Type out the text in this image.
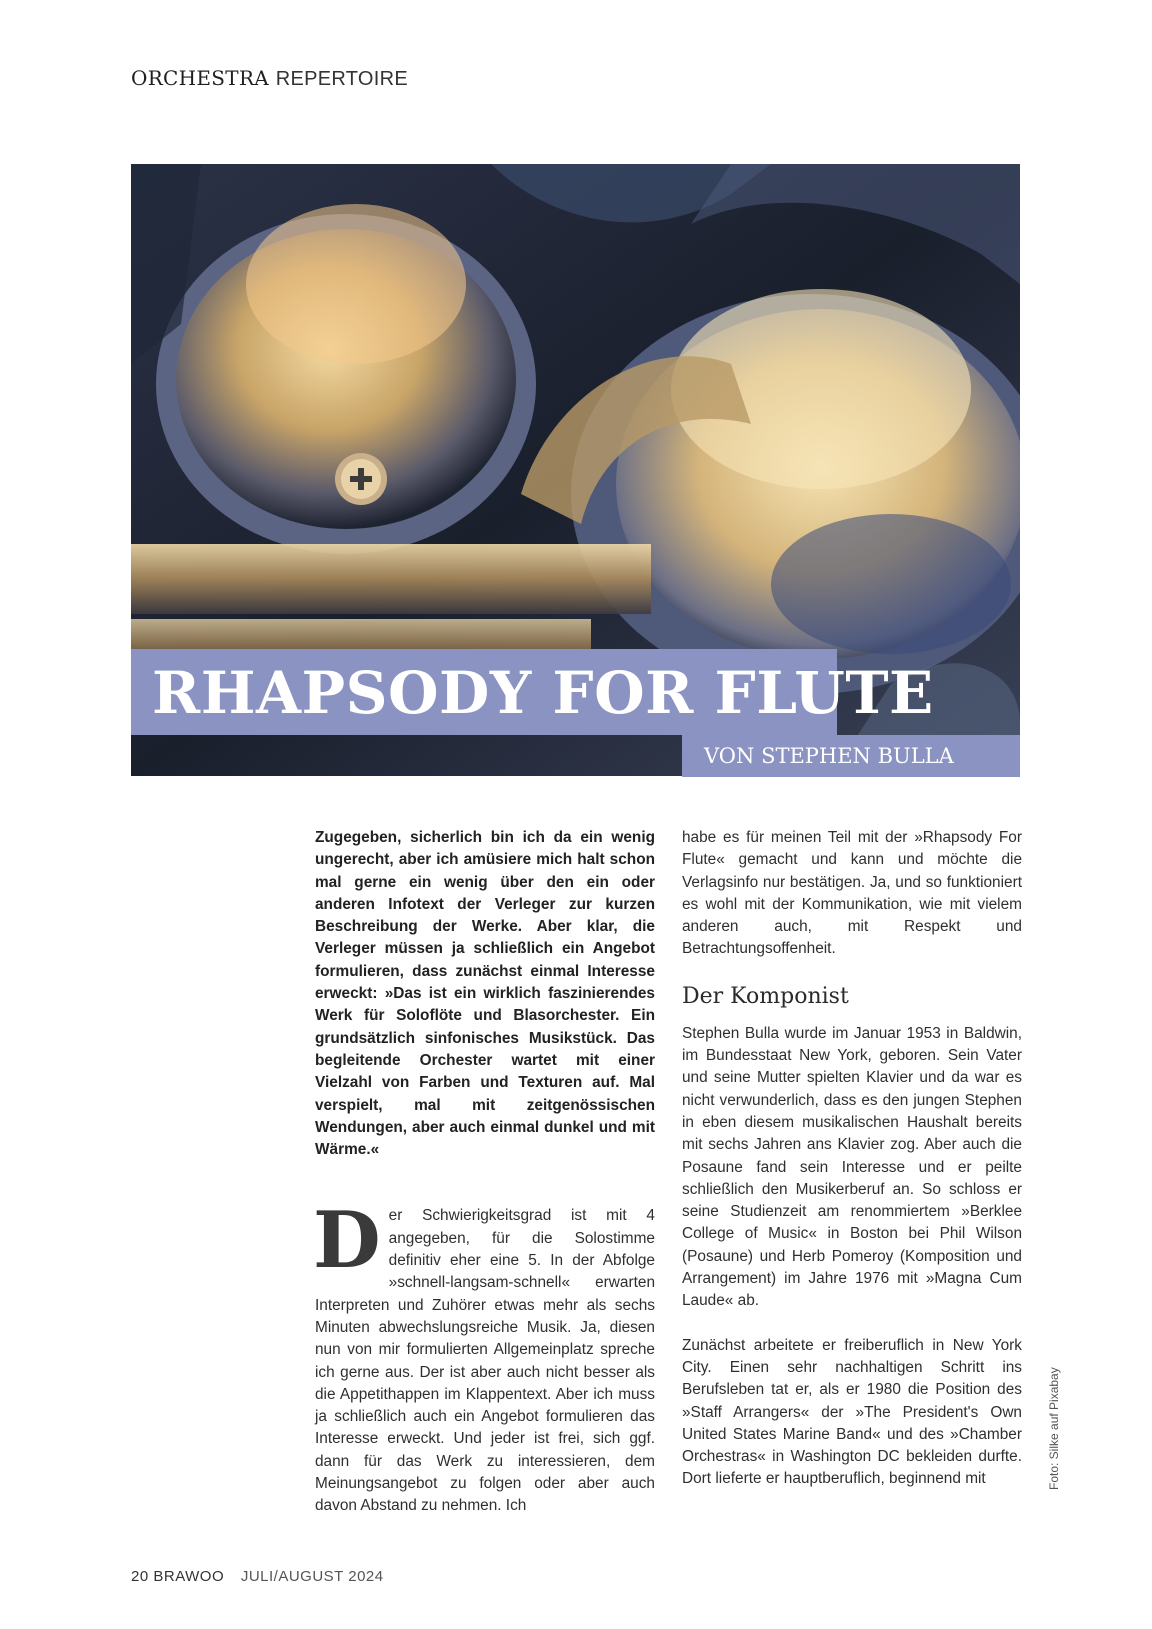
ORCHESTRA REPERTOIRE
RHAPSODY FOR FLUTE
VON STEPHEN BULLA

Zugegeben, sicherlich bin ich da ein wenig ungerecht, aber ich amüsiere mich halt schon mal gerne ein wenig über den ein oder anderen Infotext der Verleger zur kurzen Beschreibung der Werke. Aber klar, die Verleger müssen ja schließlich ein Angebot formulieren, dass zunächst einmal Interesse erweckt: »Das ist ein wirklich faszinierendes Werk für Soloflöte und Blasorchester. Ein grundsätzlich sinfonisches Musikstück. Das begleitende Orchester wartet mit einer Vielzahl von Farben und Texturen auf. Mal verspielt, mal mit zeitgenössischen Wendungen, aber auch einmal dunkel und mit Wärme.«

D er Schwierigkeitsgrad ist mit 4 angegeben, für die Solostimme definitiv eher eine 5. In der Abfolge »schnell-langsam-schnell« erwarten Interpreten und Zuhörer etwas mehr als sechs Minuten abwechslungsreiche Musik. Ja, diesen nun von mir formulierten Allgemeinplatz spreche ich gerne aus. Der ist aber auch nicht besser als die Appetithappen im Klappentext. Aber ich muss ja schließlich auch ein Angebot formulieren das Interesse erweckt. Und jeder ist frei, sich ggf. dann für das Werk zu interessieren, dem Meinungsangebot zu folgen oder aber auch davon Abstand zu nehmen. Ich

habe es für meinen Teil mit der »Rhapsody For Flute« gemacht und kann und möchte die Verlagsinfo nur bestätigen. Ja, und so funktioniert es wohl mit der Kommunikation, wie mit vielem anderen auch, mit Respekt und Betrachtungsoffenheit.

Der Komponist

Stephen Bulla wurde im Januar 1953 in Baldwin, im Bundesstaat New York, geboren. Sein Vater und seine Mutter spielten Klavier und da war es nicht verwunderlich, dass es den jungen Stephen in eben diesem musikalischen Haushalt bereits mit sechs Jahren ans Klavier zog. Aber auch die Posaune fand sein Interesse und er peilte schließlich den Musikerberuf an. So schloss er seine Studienzeit am renommiertem »Berklee College of Music« in Boston bei Phil Wilson (Posaune) und Herb Pomeroy (Komposition und Arrangement) im Jahre 1976 mit »Magna Cum Laude« ab.

Zunächst arbeitete er freiberuflich in New York City. Einen sehr nachhaltigen Schritt ins Berufsleben tat er, als er 1980 die Position des »Staff Arrangers« der »The President's Own United States Marine Band« und des »Chamber Orchestras« in Washington DC bekleiden durfte. Dort lieferte er hauptberuflich, beginnend mit	Foto: Silke auf Pixabay
20 BRAWOO JULI/AUGUST 2024
